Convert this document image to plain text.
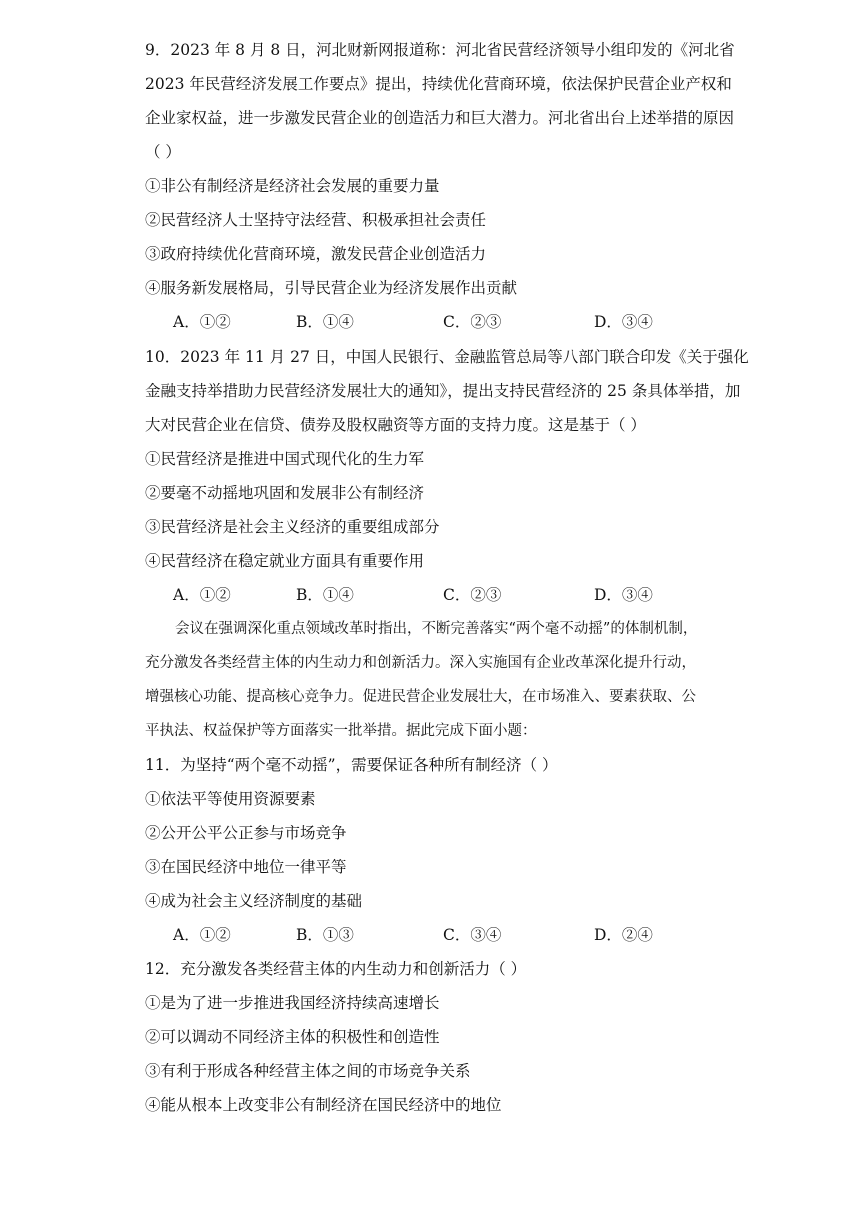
9．2023 年 8 月 8 日，河北财新网报道称：河北省民营经济领导小组印发的《河北省
2023 年民营经济发展工作要点》提出，持续优化营商环境，依法保护民营企业产权和
企业家权益，进一步激发民营企业的创造活力和巨大潜力。河北省出台上述举措的原因
（ ）
①非公有制经济是经济社会发展的重要力量
②民营经济人士坚持守法经营、积极承担社会责任
③政府持续优化营商环境，激发民营企业创造活力
④服务新发展格局，引导民营企业为经济发展作出贡献
A．①②	B．①④	C．②③	D．③④
10．2023 年 11 月 27 日，中国人民银行、金融监管总局等八部门联合印发《关于强化
金融支持举措助力民营经济发展壮大的通知》，提出支持民营经济的 25 条具体举措，加
大对民营企业在信贷、债券及股权融资等方面的支持力度。这是基于（ ）
①民营经济是推进中国式现代化的生力军
②要毫不动摇地巩固和发展非公有制经济
③民营经济是社会主义经济的重要组成部分
④民营经济在稳定就业方面具有重要作用
A．①②	B．①④	C．②③	D．③④
会议在强调深化重点领域改革时指出，不断完善落实“两个毫不动摇”的体制机制，
充分激发各类经营主体的内生动力和创新活力。深入实施国有企业改革深化提升行动，
增强核心功能、提高核心竞争力。促进民营企业发展壮大，在市场准入、要素获取、公
平执法、权益保护等方面落实一批举措。据此完成下面小题：
11．为坚持“两个毫不动摇”，需要保证各种所有制经济（ ）
①依法平等使用资源要素
②公开公平公正参与市场竞争
③在国民经济中地位一律平等
④成为社会主义经济制度的基础
A．①②	B．①③	C．③④	D．②④
12．充分激发各类经营主体的内生动力和创新活力（ ）
①是为了进一步推进我国经济持续高速增长
②可以调动不同经济主体的积极性和创造性
③有利于形成各种经营主体之间的市场竞争关系
④能从根本上改变非公有制经济在国民经济中的地位
